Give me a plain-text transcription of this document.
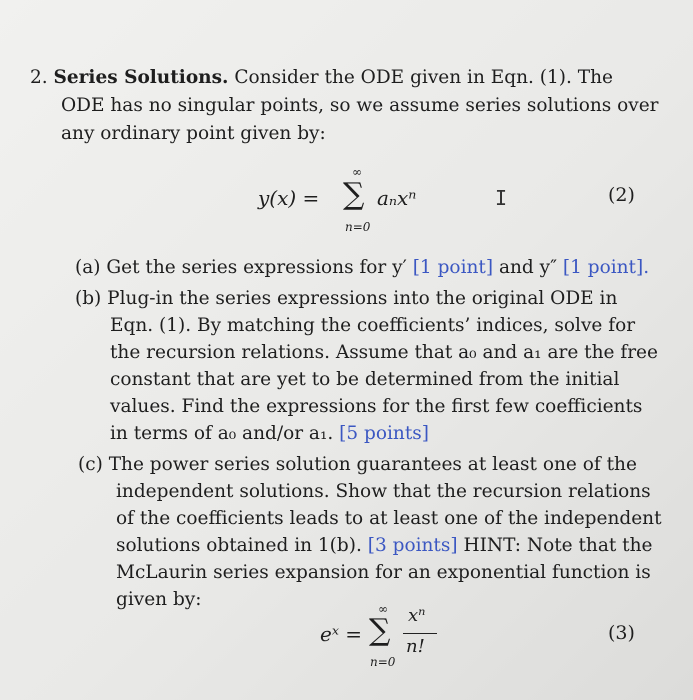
2. Series Solutions. Consider the ODE given in Eqn. (1). The
ODE has no singular points, so we assume series solutions over
any ordinary point given by:
y(x) =
∞
∑
n=0
aₙxⁿ	I	(2)
(a) Get the series expressions for y′ [1 point] and y″ [1 point].
(b) Plug-in the series expressions into the original ODE in
Eqn. (1). By matching the coefficients’ indices, solve for
the recursion relations. Assume that a₀ and a₁ are the free
constant that are yet to be determined from the initial
values. Find the expressions for the first few coefficients
in terms of a₀ and/or a₁. [5 points]
(c) The power series solution guarantees at least one of the
independent solutions. Show that the recursion relations
of the coefficients leads to at least one of the independent
solutions obtained in 1(b). [3 points] HINT: Note that the
McLaurin series expansion for an exponential function is
given by:
eˣ =
∞
∑
n=0
xⁿ
n!
(3)
